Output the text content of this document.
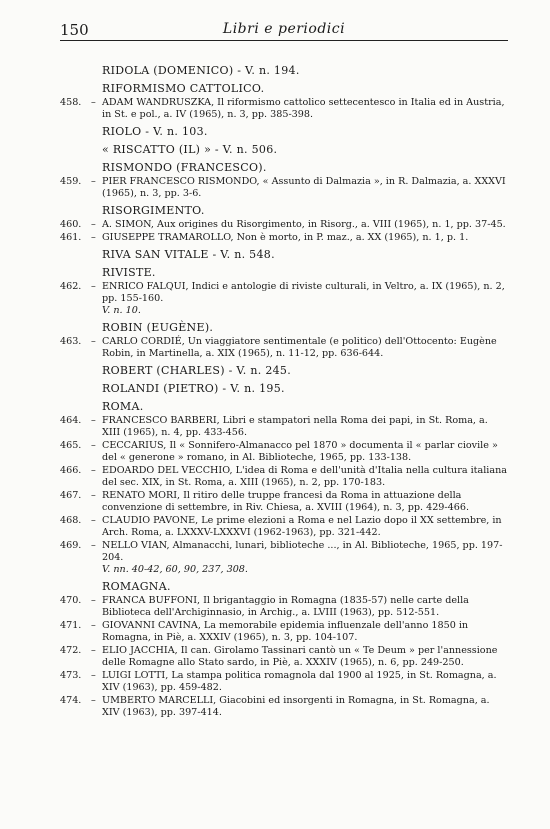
150	Libri e periodici
RIDOLA (DOMENICO) - V. n. 194.
RIFORMISMO CATTOLICO.
458. – ADAM WANDRUSZKA, Il riformismo cattolico settecentesco in Italia ed in Austria, in St. e pol., a. IV (1965), n. 3, pp. 385-398.
RIOLO - V. n. 103.
« RISCATTO (IL) » - V. n. 506.
RISMONDO (FRANCESCO).
459. – PIER FRANCESCO RISMONDO, « Assunto di Dalmazia », in R. Dalmazia, a. XXXVI (1965), n. 3, pp. 3-6.
RISORGIMENTO.
460. – A. SIMON, Aux origines du Risorgimento, in Risorg., a. VIII (1965), n. 1, pp. 37-45.
461. – GIUSEPPE TRAMAROLLO, Non è morto, in P. maz., a. XX (1965), n. 1, p. 1.
RIVA SAN VITALE - V. n. 548.
RIVISTE.
462. – ENRICO FALQUI, Indici e antologie di riviste culturali, in Veltro, a. IX (1965), n. 2, pp. 155-160.
V. n. 10.
ROBIN (EUGÈNE).
463. – CARLO CORDIÉ, Un viaggiatore sentimentale (e politico) dell'Ottocento: Eugène Robin, in Martinella, a. XIX (1965), n. 11-12, pp. 636-644.
ROBERT (CHARLES) - V. n. 245.
ROLANDI (PIETRO) - V. n. 195.
ROMA.
464. – FRANCESCO BARBERI, Libri e stampatori nella Roma dei papi, in St. Roma, a. XIII (1965), n. 4, pp. 433-456.
465. – CECCARIUS, Il « Sonnifero-Almanacco pel 1870 » documenta il « parlar ciovile » del « generone » romano, in Al. Biblioteche, 1965, pp. 133-138.
466. – EDOARDO DEL VECCHIO, L'idea di Roma e dell'unità d'Italia nella cultura italiana del sec. XIX, in St. Roma, a. XIII (1965), n. 2, pp. 170-183.
467. – RENATO MORI, Il ritiro delle truppe francesi da Roma in attuazione della convenzione di settembre, in Riv. Chiesa, a. XVIII (1964), n. 3, pp. 429-466.
468. – CLAUDIO PAVONE, Le prime elezioni a Roma e nel Lazio dopo il XX settembre, in Arch. Roma, a. LXXXV-LXXXVI (1962-1963), pp. 321-442.
469. – NELLO VIAN, Almanacchi, lunari, biblioteche ..., in Al. Biblioteche, 1965, pp. 197-204.
V. nn. 40-42, 60, 90, 237, 308.
ROMAGNA.
470. – FRANCA BUFFONI, Il brigantaggio in Romagna (1835-57) nelle carte della Biblioteca dell'Archiginnasio, in Archig., a. LVIII (1963), pp. 512-551.
471. – GIOVANNI CAVINA, La memorabile epidemia influenzale dell'anno 1850 in Romagna, in Piè, a. XXXIV (1965), n. 3, pp. 104-107.
472. – ELIO JACCHIA, Il can. Girolamo Tassinari cantò un « Te Deum » per l'annessione delle Romagne allo Stato sardo, in Piè, a. XXXIV (1965), n. 6, pp. 249-250.
473. – LUIGI LOTTI, La stampa politica romagnola dal 1900 al 1925, in St. Romagna, a. XIV (1963), pp. 459-482.
474. – UMBERTO MARCELLI, Giacobini ed insorgenti in Romagna, in St. Romagna, a. XIV (1963), pp. 397-414.
